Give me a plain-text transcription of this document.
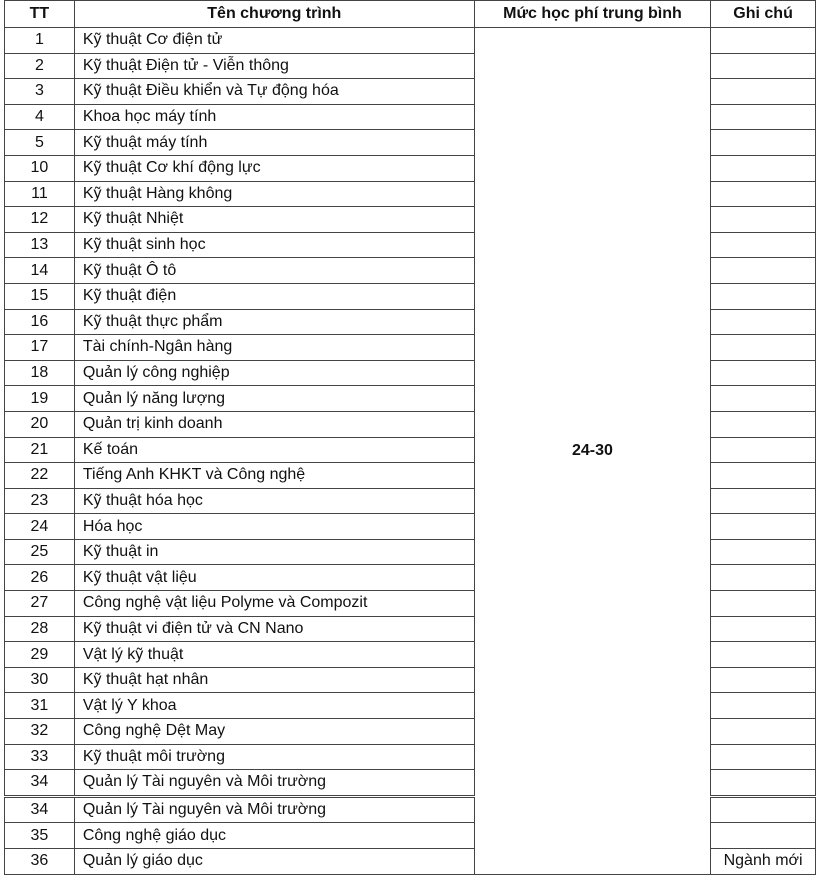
TT	Tên chương trình	Mức học phí trung bình	Ghi chú
1	Kỹ thuật Cơ điện tử	24-30	
2	Kỹ thuật Điện tử - Viễn thông		
3	Kỹ thuật Điều khiển và Tự động hóa		
4	Khoa học máy tính		
5	Kỹ thuật máy tính		
10	Kỹ thuật Cơ khí động lực		
11	Kỹ thuật Hàng không		
12	Kỹ thuật Nhiệt		
13	Kỹ thuật sinh học		
14	Kỹ thuật Ô tô		
15	Kỹ thuật điện		
16	Kỹ thuật thực phẩm		
17	Tài chính-Ngân hàng		
18	Quản lý công nghiệp		
19	Quản lý năng lượng		
20	Quản trị kinh doanh		
21	Kế toán		
22	Tiếng Anh KHKT và Công nghệ		
23	Kỹ thuật hóa học		
24	Hóa học		
25	Kỹ thuật in		
26	Kỹ thuật vật liệu		
27	Công nghệ vật liệu Polyme và Compozit		
28	Kỹ thuật vi điện tử và CN Nano		
29	Vật lý kỹ thuật		
30	Kỹ thuật hạt nhân		
31	Vật lý Y khoa		
32	Công nghệ Dệt May		
33	Kỹ thuật môi trường		
34	Quản lý Tài nguyên và Môi trường		
34	Quản lý Tài nguyên và Môi trường		
35	Công nghệ giáo dục		
36	Quản lý giáo dục		Ngành mới
